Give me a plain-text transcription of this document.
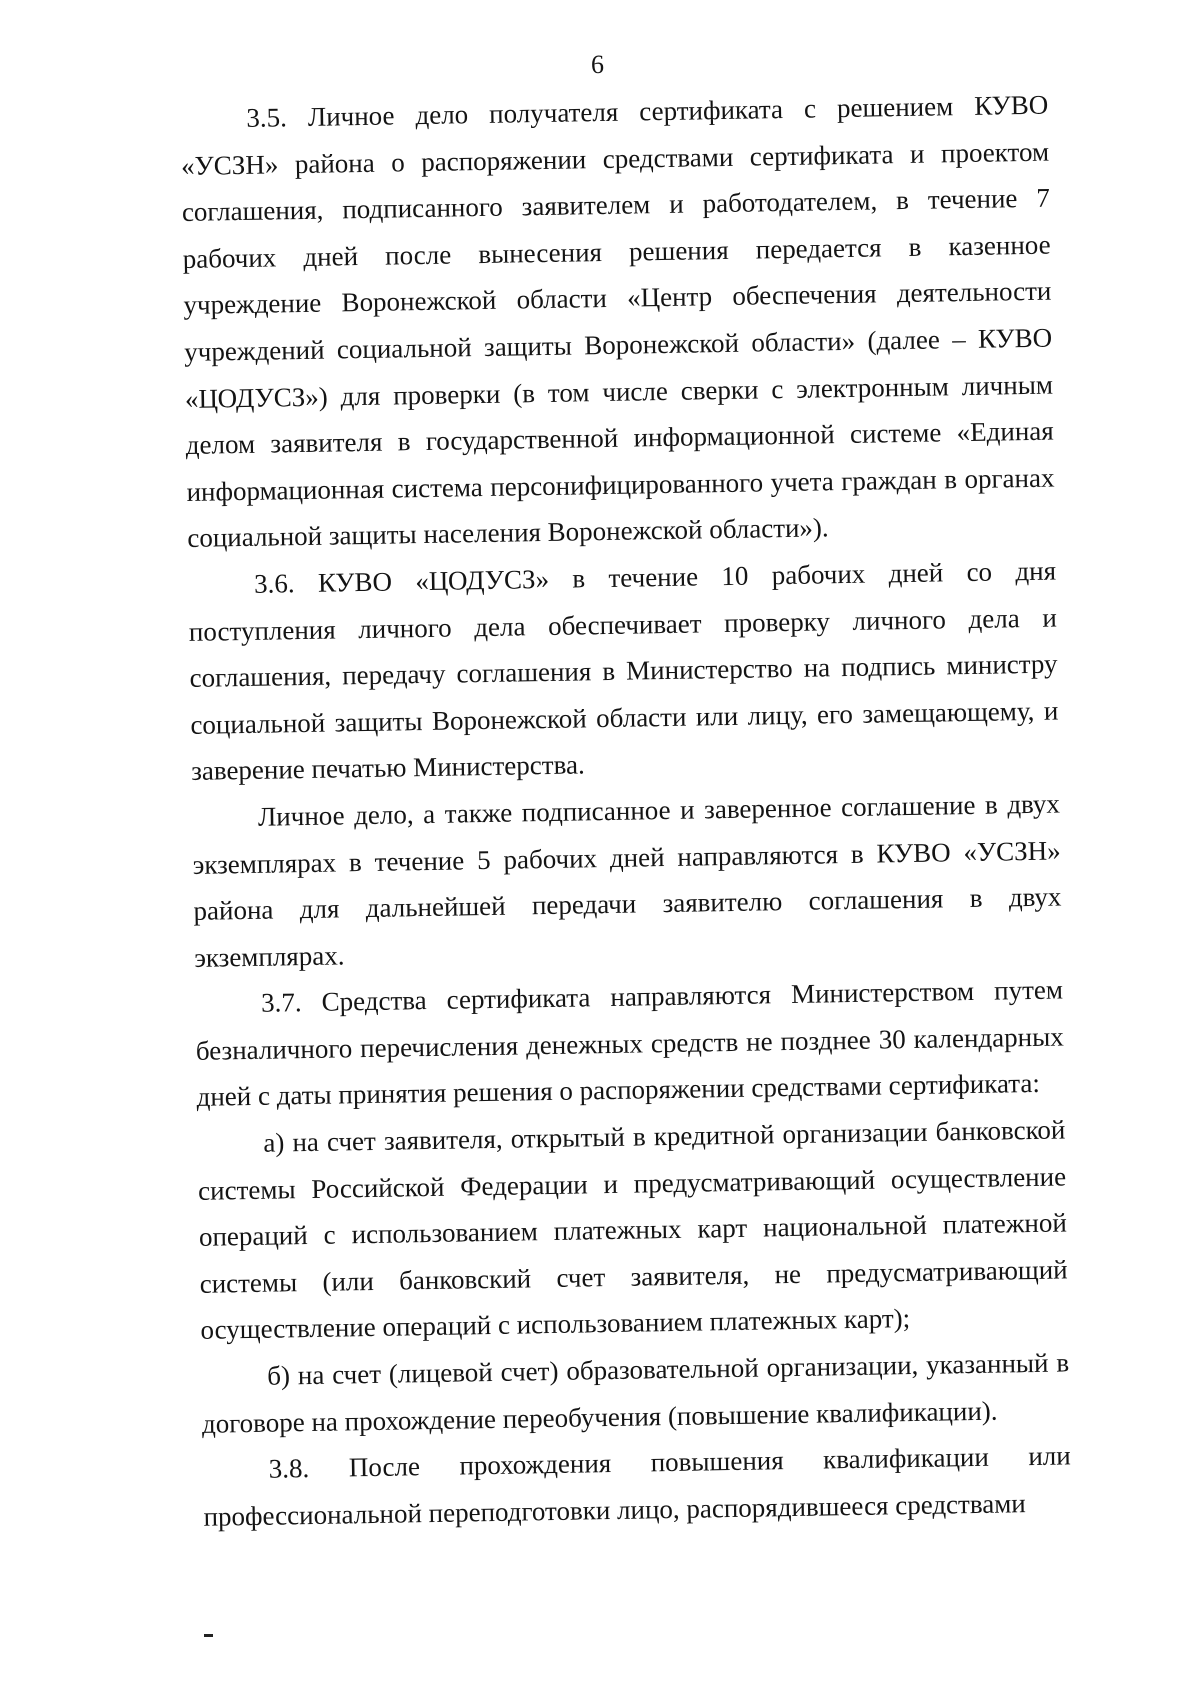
6

3.5. Личное дело получателя сертификата с решением КУВО «УСЗН» района о распоряжении средствами сертификата и проектом соглашения, подписанного заявителем и работодателем, в течение 7 рабочих дней после вынесения решения передается в казенное учреждение Воронежской области «Центр обеспечения деятельности учреждений социальной защиты Воронежской области» (далее – КУВО «ЦОДУСЗ») для проверки (в том числе сверки с электронным личным делом заявителя в государственной информационной системе «Единая информационная система персонифицированного учета граждан в органах социальной защиты населения Воронежской области»).

3.6. КУВО «ЦОДУСЗ» в течение 10 рабочих дней со дня поступления личного дела обеспечивает проверку личного дела и соглашения, передачу соглашения в Министерство на подпись министру социальной защиты Воронежской области или лицу, его замещающему, и заверение печатью Министерства.

Личное дело, а также подписанное и заверенное соглашение в двух экземплярах в течение 5 рабочих дней направляются в КУВО «УСЗН» района для дальнейшей передачи заявителю соглашения в двух экземплярах.

3.7. Средства сертификата направляются Министерством путем безналичного перечисления денежных средств не позднее 30 календарных дней с даты принятия решения о распоряжении средствами сертификата:

а) на счет заявителя, открытый в кредитной организации банковской системы Российской Федерации и предусматривающий осуществление операций с использованием платежных карт национальной платежной системы (или банковский счет заявителя, не предусматривающий осуществление операций с использованием платежных карт);

б) на счет (лицевой счет) образовательной организации, указанный в договоре на прохождение переобучения (повышение квалификации).

3.8. После прохождения повышения квалификации или профессиональной переподготовки лицо, распорядившееся средствами
